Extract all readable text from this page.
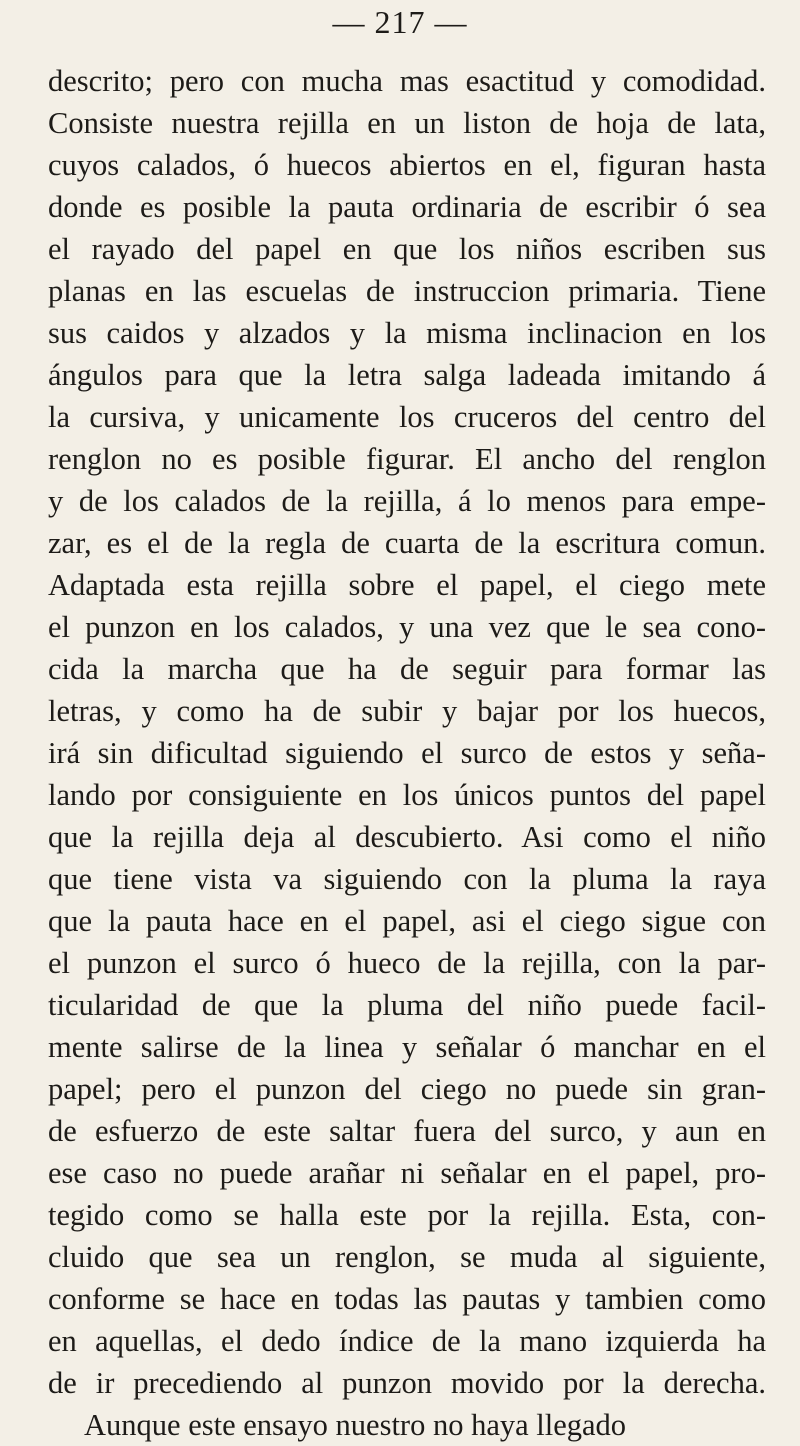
— 217 —
descrito; pero con mucha mas esactitud y comodidad.
Consiste nuestra rejilla en un liston de hoja de lata,
cuyos calados, ó huecos abiertos en el, figuran hasta
donde es posible la pauta ordinaria de escribir ó sea
el rayado del papel en que los niños escriben sus
planas en las escuelas de instruccion primaria. Tiene
sus caidos y alzados y la misma inclinacion en los
ángulos para que la letra salga ladeada imitando á
la cursiva, y unicamente los cruceros del centro del
renglon no es posible figurar. El ancho del renglon
y de los calados de la rejilla, á lo menos para empe-
zar, es el de la regla de cuarta de la escritura comun.
Adaptada esta rejilla sobre el papel, el ciego mete
el punzon en los calados, y una vez que le sea cono-
cida la marcha que ha de seguir para formar las
letras, y como ha de subir y bajar por los huecos,
irá sin dificultad siguiendo el surco de estos y seña-
lando por consiguiente en los únicos puntos del papel
que la rejilla deja al descubierto. Asi como el niño
que tiene vista va siguiendo con la pluma la raya
que la pauta hace en el papel, asi el ciego sigue con
el punzon el surco ó hueco de la rejilla, con la par-
ticularidad de que la pluma del niño puede facil-
mente salirse de la linea y señalar ó manchar en el
papel; pero el punzon del ciego no puede sin gran-
de esfuerzo de este saltar fuera del surco, y aun en
ese caso no puede arañar ni señalar en el papel, pro-
tegido como se halla este por la rejilla. Esta, con-
cluido que sea un renglon, se muda al siguiente,
conforme se hace en todas las pautas y tambien como
en aquellas, el dedo índice de la mano izquierda ha
de ir precediendo al punzon movido por la derecha.
Aunque este ensayo nuestro no haya llegado
